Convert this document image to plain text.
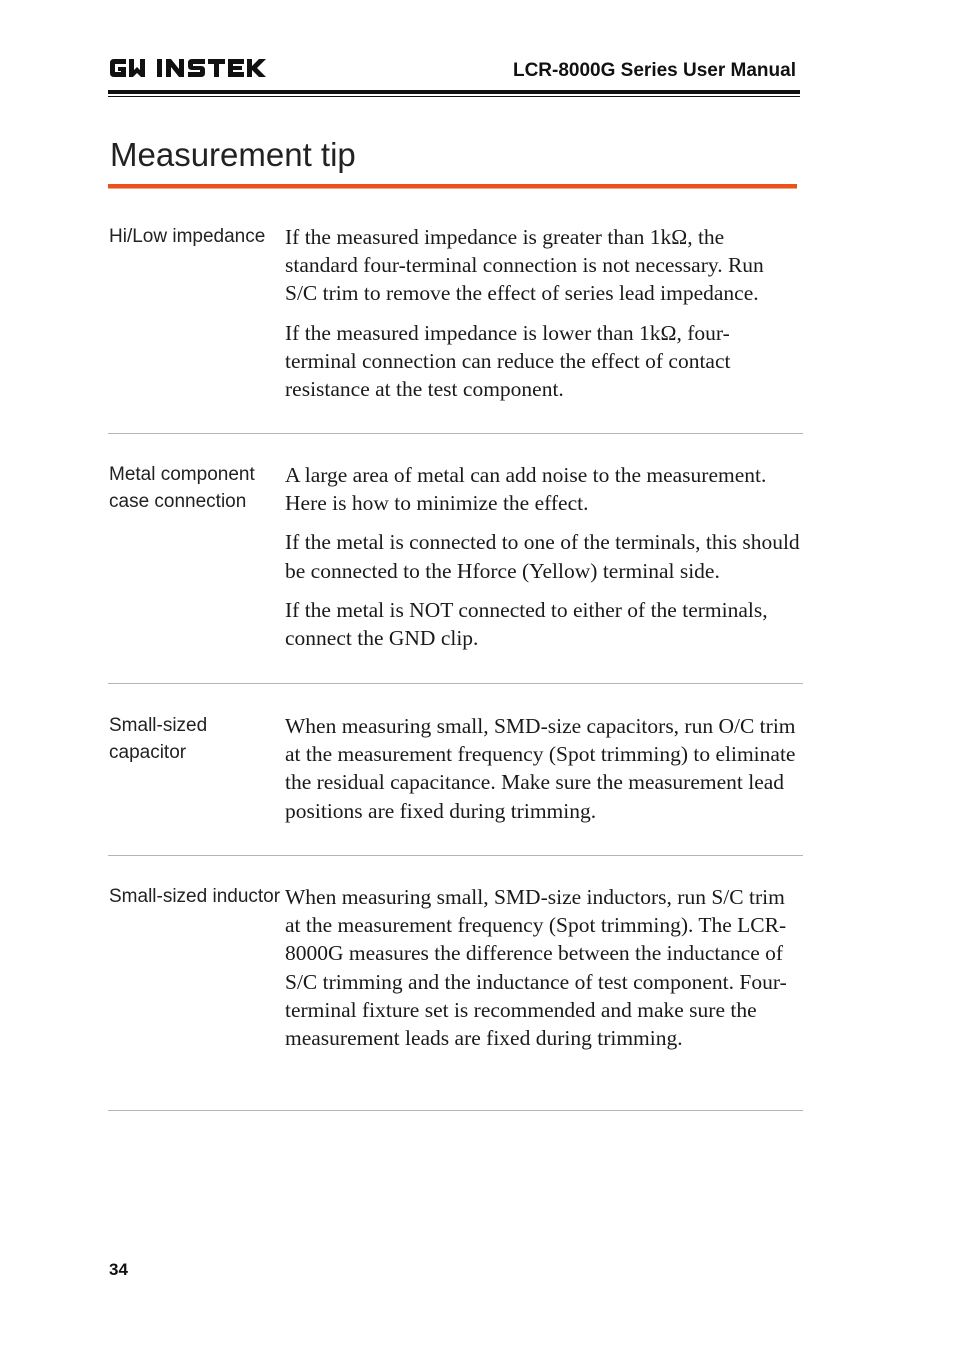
LCR-8000G Series User Manual
Measurement tip
Hi/Low impedance If the measured impedance is greater than 1kΩ, the standard four-terminal connection is not necessary. Run S/C trim to remove the effect of series lead impedance.

If the measured impedance is lower than 1kΩ, four-terminal connection can reduce the effect of contact resistance at the test component.

Metal component case connection

A large area of metal can add noise to the measurement. Here is how to minimize the effect.

If the metal is connected to one of the terminals, this should be connected to the Hforce (Yellow) terminal side.

If the metal is NOT connected to either of the terminals, connect the GND clip.

Small-sized capacitor

When measuring small, SMD-size capacitors, run O/C trim at the measurement frequency (Spot trimming) to eliminate the residual capacitance. Make sure the measurement lead positions are fixed during trimming.

Small-sized inductor When measuring small, SMD-size inductors, run S/C trim at the measurement frequency (Spot trimming). The LCR-8000G measures the difference between the inductance of S/C trimming and the inductance of test component. Four-terminal fixture set is recommended and make sure the measurement leads are fixed during trimming.

34
